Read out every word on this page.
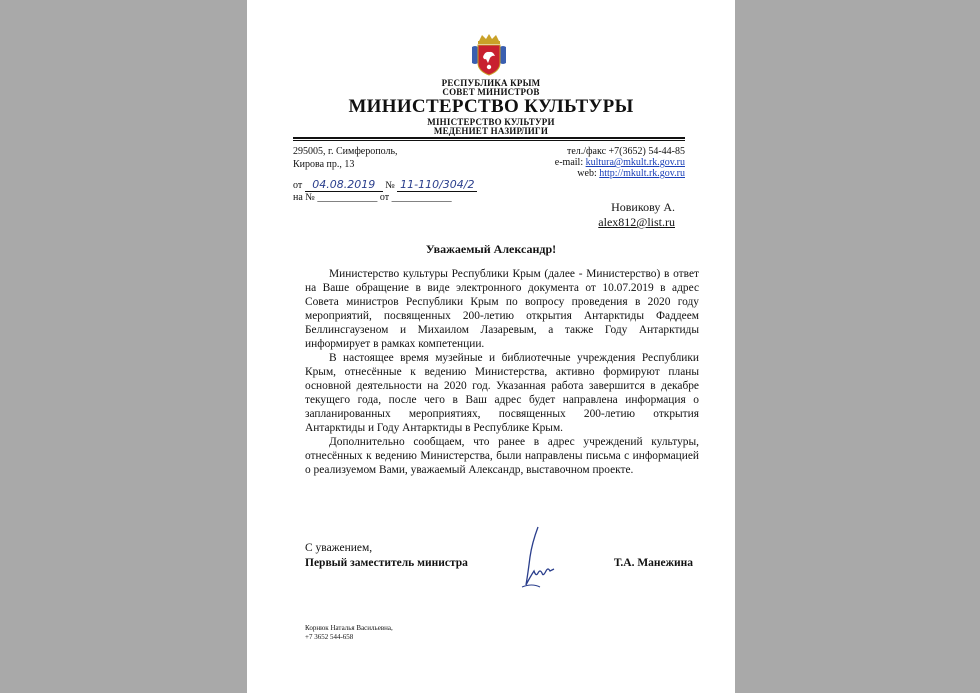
РЕСПУБЛИКА КРЫМ
СОВЕТ МИНИСТРОВ
МИНИСТЕРСТВО КУЛЬТУРЫ
МІНІСТЕРСТВО КУЛЬТУРИ
МЕДЕНИЕТ НАЗИРЛИГИ
295005, г. Симферополь,
Кирова пр., 13
тел./факс +7(3652) 54-44-85
e-mail: kultura@mkult.rk.gov.ru
web: http://mkult.rk.gov.ru
от 04.08.2019 № 11-110/304/2
на № ____________ от ____________
Новикову А.
alex812@list.ru
Уважаемый Александр!

Министерство культуры Республики Крым (далее - Министерство) в ответ на Ваше обращение в виде электронного документа от 10.07.2019 в адрес Совета министров Республики Крым по вопросу проведения в 2020 году мероприятий, посвященных 200-летию открытия Антарктиды Фаддеем Беллинсгаузеном и Михаилом Лазаревым, а также Году Антарктиды информирует в рамках компетенции.

В настоящее время музейные и библиотечные учреждения Республики Крым, отнесённые к ведению Министерства, активно формируют планы основной деятельности на 2020 год. Указанная работа завершится в декабре текущего года, после чего в Ваш адрес будет направлена информация о запланированных мероприятиях, посвященных 200-летию открытия Антарктиды и Году Антарктиды в Республике Крым.

Дополнительно сообщаем, что ранее в адрес учреждений культуры, отнесённых к ведению Министерства, были направлены письма с информацией о реализуемом Вами, уважаемый Александр, выставочном проекте.

С уважением,
Первый заместитель министра	Т.А. Манежина
Корнюк Наталья Васильевна,
+7 3652 544-658
